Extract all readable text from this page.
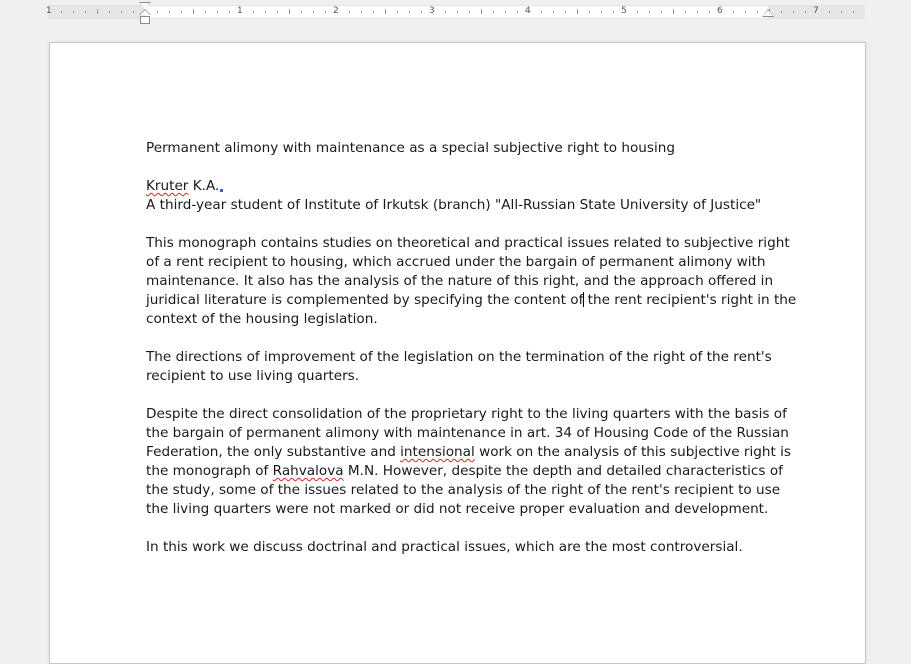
1	1	2	3	4	5	6	7
Permanent alimony with maintenance as a special subjective right to housing
Kruter K.A.
A third-year student of Institute of Irkutsk (branch) "All-Russian State University of Justice"
This monograph contains studies on theoretical and practical issues related to subjective right
of a rent recipient to housing, which accrued under the bargain of permanent alimony with
maintenance. It also has the analysis of the nature of this right, and the approach offered in
juridical literature is complemented by specifying the content of the rent recipient's right in the
context of the housing legislation.
The directions of improvement of the legislation on the termination of the right of the rent's
recipient to use living quarters.
Despite the direct consolidation of the proprietary right to the living quarters with the basis of
the bargain of permanent alimony with maintenance in art. 34 of Housing Code of the Russian
Federation, the only substantive and intensional work on the analysis of this subjective right is
the monograph of Rahvalova M.N. However, despite the depth and detailed characteristics of
the study, some of the issues related to the analysis of the right of the rent's recipient to use
the living quarters were not marked or did not receive proper evaluation and development.
In this work we discuss doctrinal and practical issues, which are the most controversial.
